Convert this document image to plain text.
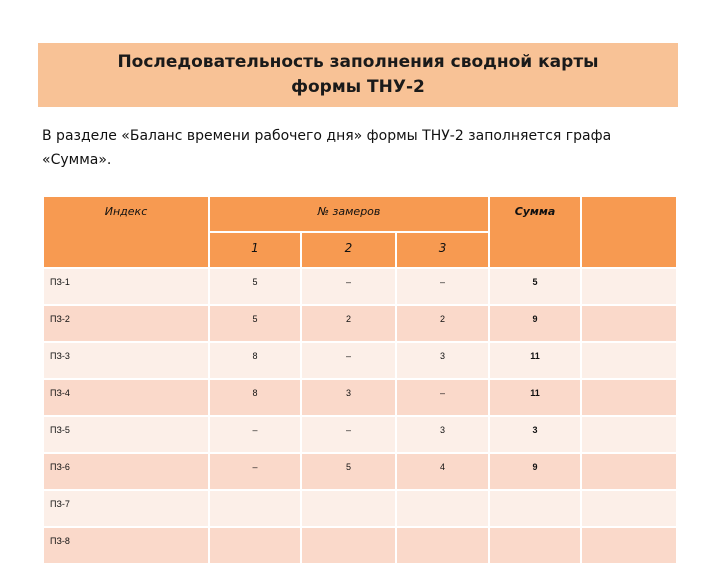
Последовательность заполнения сводной карты
формы ТНУ-2
В разделе «Баланс времени рабочего дня» формы ТНУ-2 заполняется графа «Сумма».
Индекс	№ замеров			Сумма	
	1	2	3		
ПЗ-1	5	–	–	5	
ПЗ-2	5	2	2	9	
ПЗ-3	8	–	3	11	
ПЗ-4	8	3	–	11	
ПЗ-5	–	–	3	3	
ПЗ-6	–	5	4	9	
ПЗ-7					
ПЗ-8					
